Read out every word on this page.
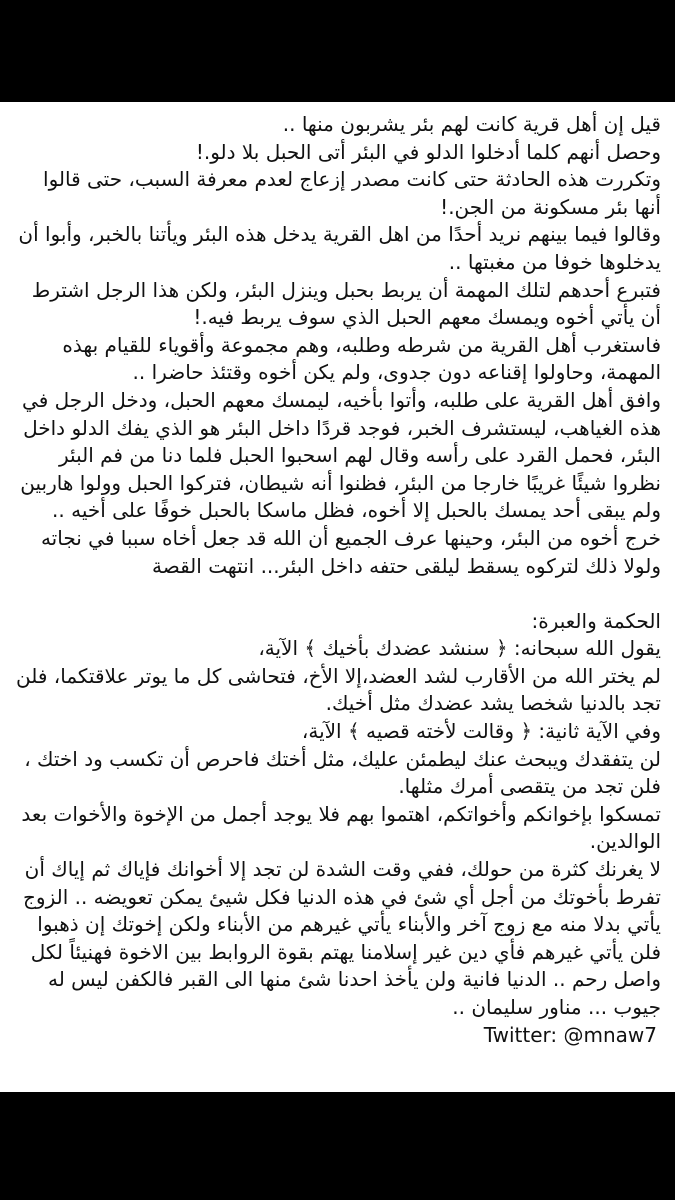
قيل إن أهل قرية كانت لهم بئر يشربون منها ..

وحصل أنهم كلما أدخلوا الدلو في البئر أتى الحبل بلا دلو.!

وتكررت هذه الحادثة حتى كانت مصدر إزعاج لعدم معرفة السبب، حتى قالوا أنها بئر مسكونة من الجن.!

وقالوا فيما بينهم نريد أحدًا من اهل القرية يدخل هذه البئر ويأتنا بالخبر، وأبوا أن يدخلوها خوفا من مغبتها ..

فتبرع أحدهم لتلك المهمة أن يربط بحبل وينزل البئر، ولكن هذا الرجل اشترط أن يأتي أخوه ويمسك معهم الحبل الذي سوف يربط فيه.!

فاستغرب أهل القرية من شرطه وطلبه، وهم مجموعة وأقوياء للقيام بهذه المهمة، وحاولوا إقناعه دون جدوى، ولم يكن أخوه وقتئذ حاضرا ..

وافق أهل القرية على طلبه، وأتوا بأخيه، ليمسك معهم الحبل، ودخل الرجل في هذه الغياهب، ليستشرف الخبر، فوجد قردًا داخل البئر هو الذي يفك الدلو داخل البئر، فحمل القرد على رأسه وقال لهم اسحبوا الحبل فلما دنا من فم البئر نظروا شيئًا غريبًا خارجا من البئر، فظنوا أنه شيطان، فتركوا الحبل وولوا هاربين ولم يبقى أحد يمسك بالحبل إلا أخوه، فظل ماسكا بالحبل خوفًا على أخيه ..

خرج أخوه من البئر، وحينها عرف الجميع أن الله قد جعل أخاه سببا في نجاته ولولا ذلك لتركوه يسقط ليلقى حتفه داخل البئر... انتهت القصة

الحكمة والعبرة:

يقول الله سبحانه: ﴿ سنشد عضدك بأخيك ﴾ الآية،

لم يختر الله من الأقارب لشد العضد،إلا الأخ، فتحاشى كل ما يوتر علاقتكما، فلن تجد بالدنيا شخصا يشد عضدك مثل أخيك.

وفي الآية ثانية: ﴿ وقالت لأخته قصيه ﴾ الآية،

لن يتفقدك ويبحث عنك ليطمئن عليك، مثل أختك فاحرص أن تكسب ود اختك ، فلن تجد من يتقصى أمرك مثلها.

تمسكوا بإخوانكم وأخواتكم، اهتموا بهم فلا يوجد أجمل من الإخوة والأخوات بعد الوالدين.

لا يغرنك كثرة من حولك، ففي وقت الشدة لن تجد إلا أخوانك فإياك ثم إياك أن تفرط بأخوتك من أجل أي شئ في هذه الدنيا فكل شيئ يمكن تعويضه .. الزوج يأتي بدلا منه مع زوج آخر والأبناء يأتي غيرهم من الأبناء ولكن إخوتك إن ذهبوا فلن يأتي غيرهم فأي دين غير إسلامنا يهتم بقوة الروابط بين الاخوة فهنيئاً لكل واصل رحم .. الدنيا فانية ولن يأخذ احدنا شئ منها الى القبر فالكفن ليس له جيوب ... مناور سليمان ..

Twitter: @mnaw7
